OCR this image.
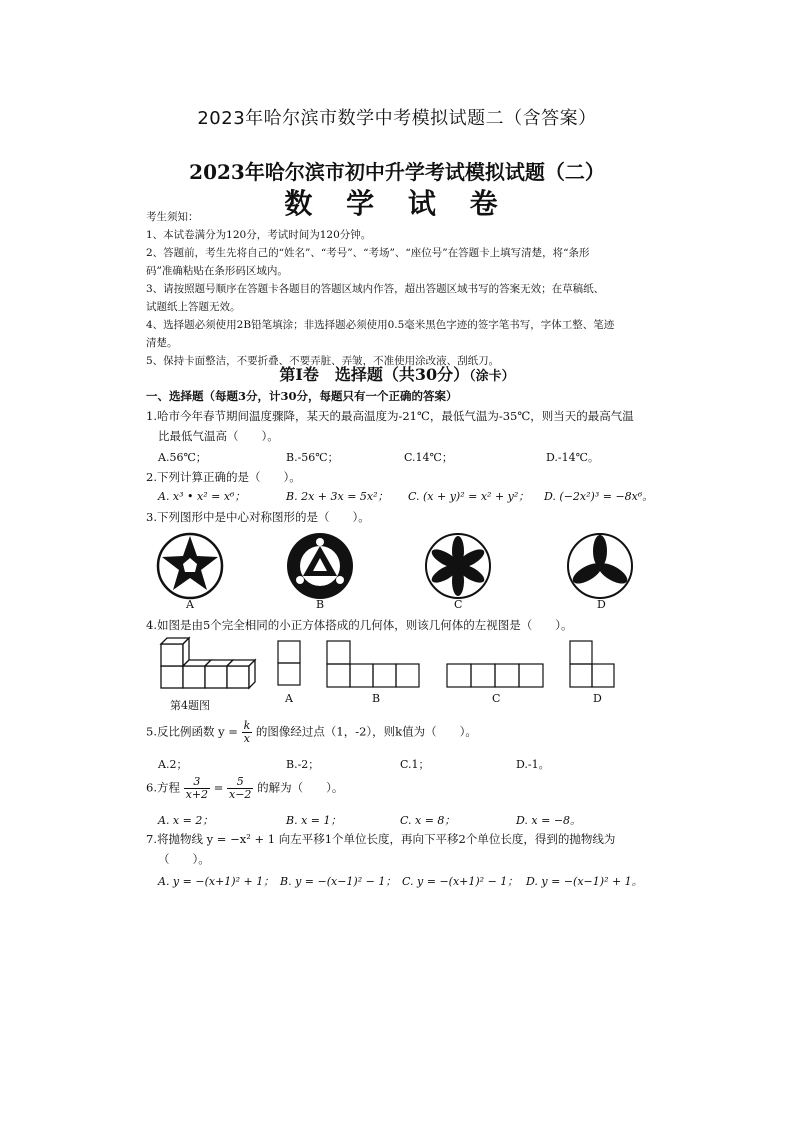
2023年哈尔滨市数学中考模拟试题二（含答案）
2023年哈尔滨市初中升学考试模拟试题（二）
数 学 试 卷

考生须知：

1、本试卷满分为120分，考试时间为120分钟。

2、答题前，考生先将自己的“姓名”、“考号”、“考场”、“座位号”在答题卡上填写清楚，将“条形

码”准确粘贴在条形码区域内。

3、请按照题号顺序在答题卡各题目的答题区域内作答，超出答题区域书写的答案无效；在草稿纸、

试题纸上答题无效。

4、选择题必须使用2B铅笔填涂；非选择题必须使用0.5毫米黑色字迹的签字笔书写，字体工整、笔迹

清楚。

5、保持卡面整洁，不要折叠、不要弄脏、弄皱，不准使用涂改液、刮纸刀。

第Ⅰ卷　选择题（共30分）（涂卡）
一、选择题（每题3分，计30分，每题只有一个正确的答案）

1.哈市今年春节期间温度骤降，某天的最高温度为-21℃，最低气温为-35℃，则当天的最高气温

比最低气温高（　　）。

A.56℃；	B.-56℃；	C.14℃；	D.-14℃。

2.下列计算正确的是（　　）。

A. x³ • x² = x⁶；	B. 2x + 3x = 5x²； C. (x + y)² = x² + y²； D. (−2x²)³ = −8x⁶。

3.下列图形中是中心对称图形的是（　　）。

A	B	C	D

4.如图是由5个完全相同的小正方体搭成的几何体，则该几何体的左视图是（　　）。

第4题图
A	B	C	D

5.反比例函数 $y = \frac{k}{x}$ 的图像经过点（1，-2），则k值为（　　）。

A.2；	B.-2；	C.1；	D.-1。

6.方程 $\frac{3}{x+2} = \frac{5}{x-2}$ 的解为（　　）。

A. x = 2；	B. x = 1；	C. x = 8；	D. x = −8。

7.将抛物线 y = −x² + 1 向左平移1个单位长度，再向下平移2个单位长度，得到的抛物线为

（　　）。

A. y = −(x+1)² + 1； B. y = −(x−1)² − 1； C. y = −(x+1)² − 1； D. y = −(x−1)² + 1。
